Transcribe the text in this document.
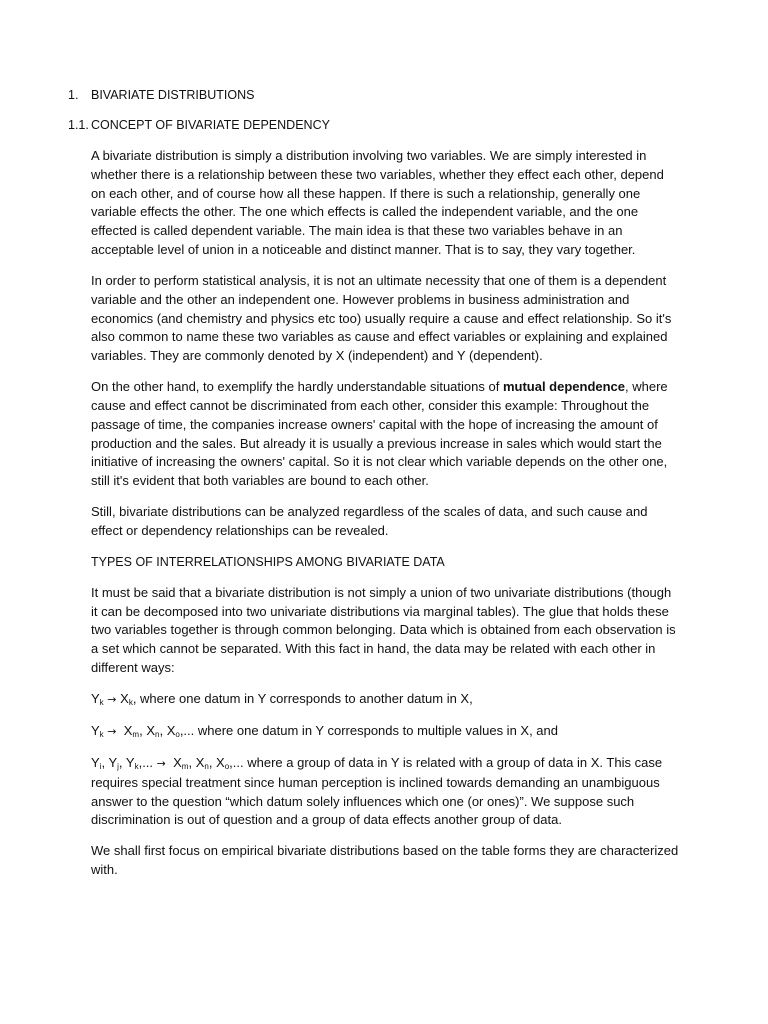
1. BIVARIATE DISTRIBUTIONS
1.1. CONCEPT OF BIVARIATE DEPENDENCY

A bivariate distribution is simply a distribution involving two variables. We are simply interested in whether there is a relationship between these two variables, whether they effect each other, depend on each other, and of course how all these happen. If there is such a relationship, generally one variable effects the other. The one which effects is called the independent variable, and the one effected is called dependent variable. The main idea is that these two variables behave in an acceptable level of union in a noticeable and distinct manner. That is to say, they vary together.

In order to perform statistical analysis, it is not an ultimate necessity that one of them is a dependent variable and the other an independent one. However problems in business administration and economics (and chemistry and physics etc too) usually require a cause and effect relationship. So it's also common to name these two variables as cause and effect variables or explaining and explained variables. They are commonly denoted by X (independent) and Y (dependent).

On the other hand, to exemplify the hardly understandable situations of mutual dependence, where cause and effect cannot be discriminated from each other, consider this example: Throughout the passage of time, the companies increase owners' capital with the hope of increasing the amount of production and the sales. But already it is usually a previous increase in sales which would start the initiative of increasing the owners' capital. So it is not clear which variable depends on the other one, still it's evident that both variables are bound to each other.

Still, bivariate distributions can be analyzed regardless of the scales of data, and such cause and effect or dependency relationships can be revealed.

TYPES OF INTERRELATIONSHIPS AMONG BIVARIATE DATA

It must be said that a bivariate distribution is not simply a union of two univariate distributions (though it can be decomposed into two univariate distributions via marginal tables). The glue that holds these two variables together is through common belonging. Data which is obtained from each observation is a set which cannot be separated. With this fact in hand, the data may be related with each other in different ways:

$Y_k \to X_k$, where one datum in Y corresponds to another datum in X,

$Y_k \to X_m$, $X_n$, $X_o$,... where one datum in Y corresponds to multiple values in X, and

$Y_i$, $Y_j$, $Y_k$,... → $X_m$, $X_n$, $X_o$,... where a group of data in Y is related with a group of data in X. This case requires special treatment since human perception is inclined towards demanding an unambiguous answer to the question “which datum solely influences which one (or ones)”. We suppose such discrimination is out of question and a group of data effects another group of data.

We shall first focus on empirical bivariate distributions based on the table forms they are characterized with.
